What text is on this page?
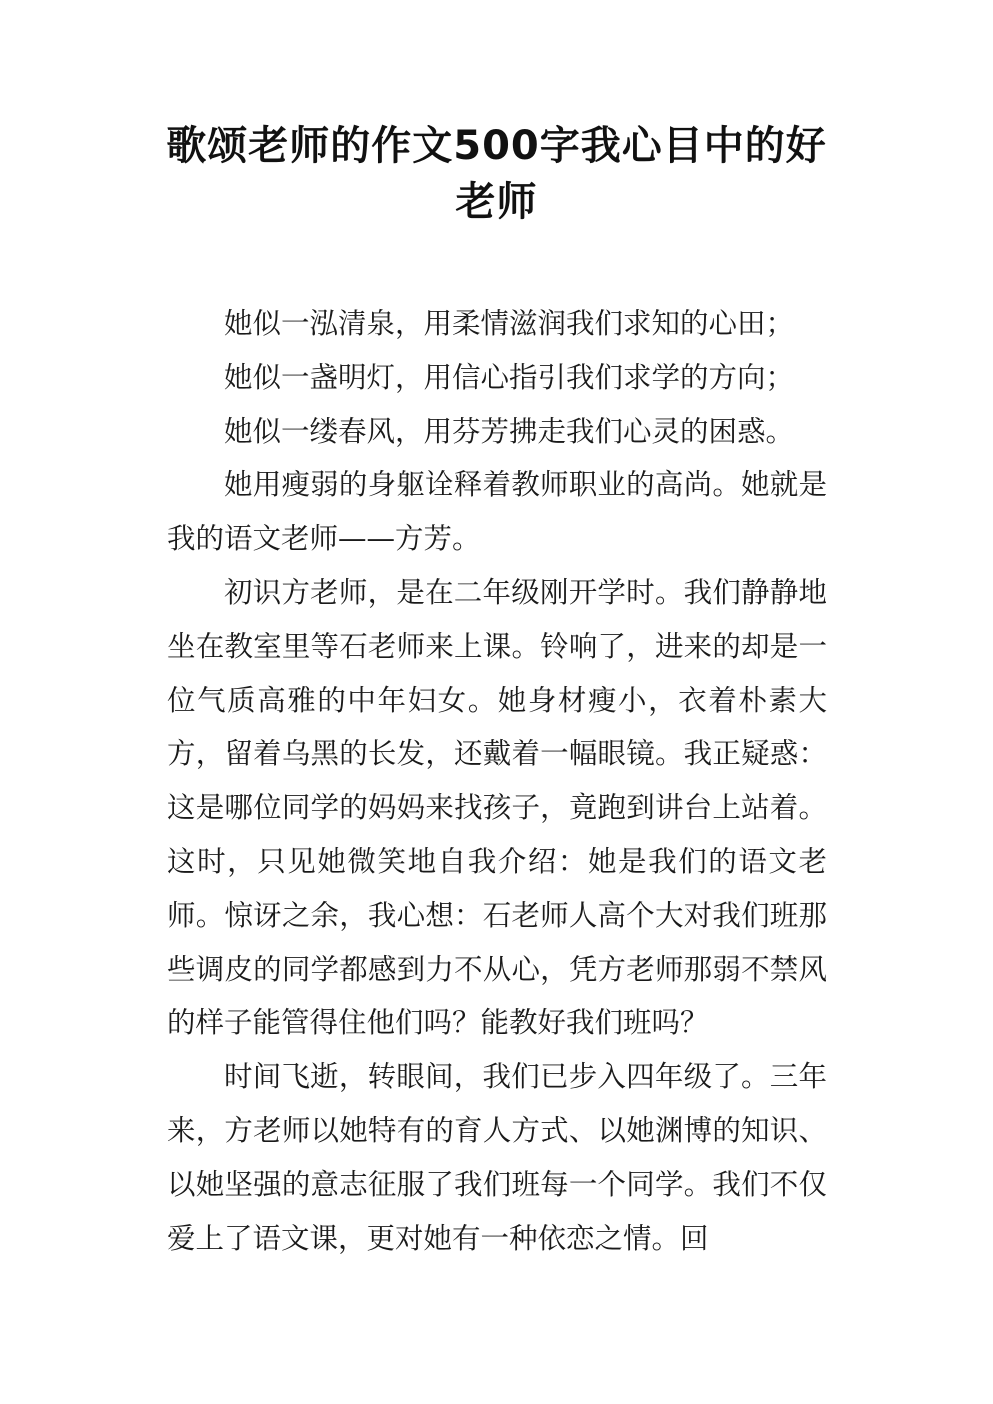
歌颂老师的作文500字我心目中的好老师

她似一泓清泉，用柔情滋润我们求知的心田；

她似一盏明灯，用信心指引我们求学的方向；

她似一缕春风，用芬芳拂走我们心灵的困惑。

她用瘦弱的身躯诠释着教师职业的高尚。她就是我的语文老师——方芳。

初识方老师，是在二年级刚开学时。我们静静地坐在教室里等石老师来上课。铃响了，进来的却是一位气质高雅的中年妇女。她身材瘦小，衣着朴素大方，留着乌黑的长发，还戴着一幅眼镜。我正疑惑：这是哪位同学的妈妈来找孩子，竟跑到讲台上站着。这时，只见她微笑地自我介绍：她是我们的语文老师。惊讶之余，我心想：石老师人高个大对我们班那些调皮的同学都感到力不从心，凭方老师那弱不禁风的样子能管得住他们吗？能教好我们班吗？

时间飞逝，转眼间，我们已步入四年级了。三年来，方老师以她特有的育人方式、以她渊博的知识、以她坚强的意志征服了我们班每一个同学。我们不仅爱上了语文课，更对她有一种依恋之情。回
